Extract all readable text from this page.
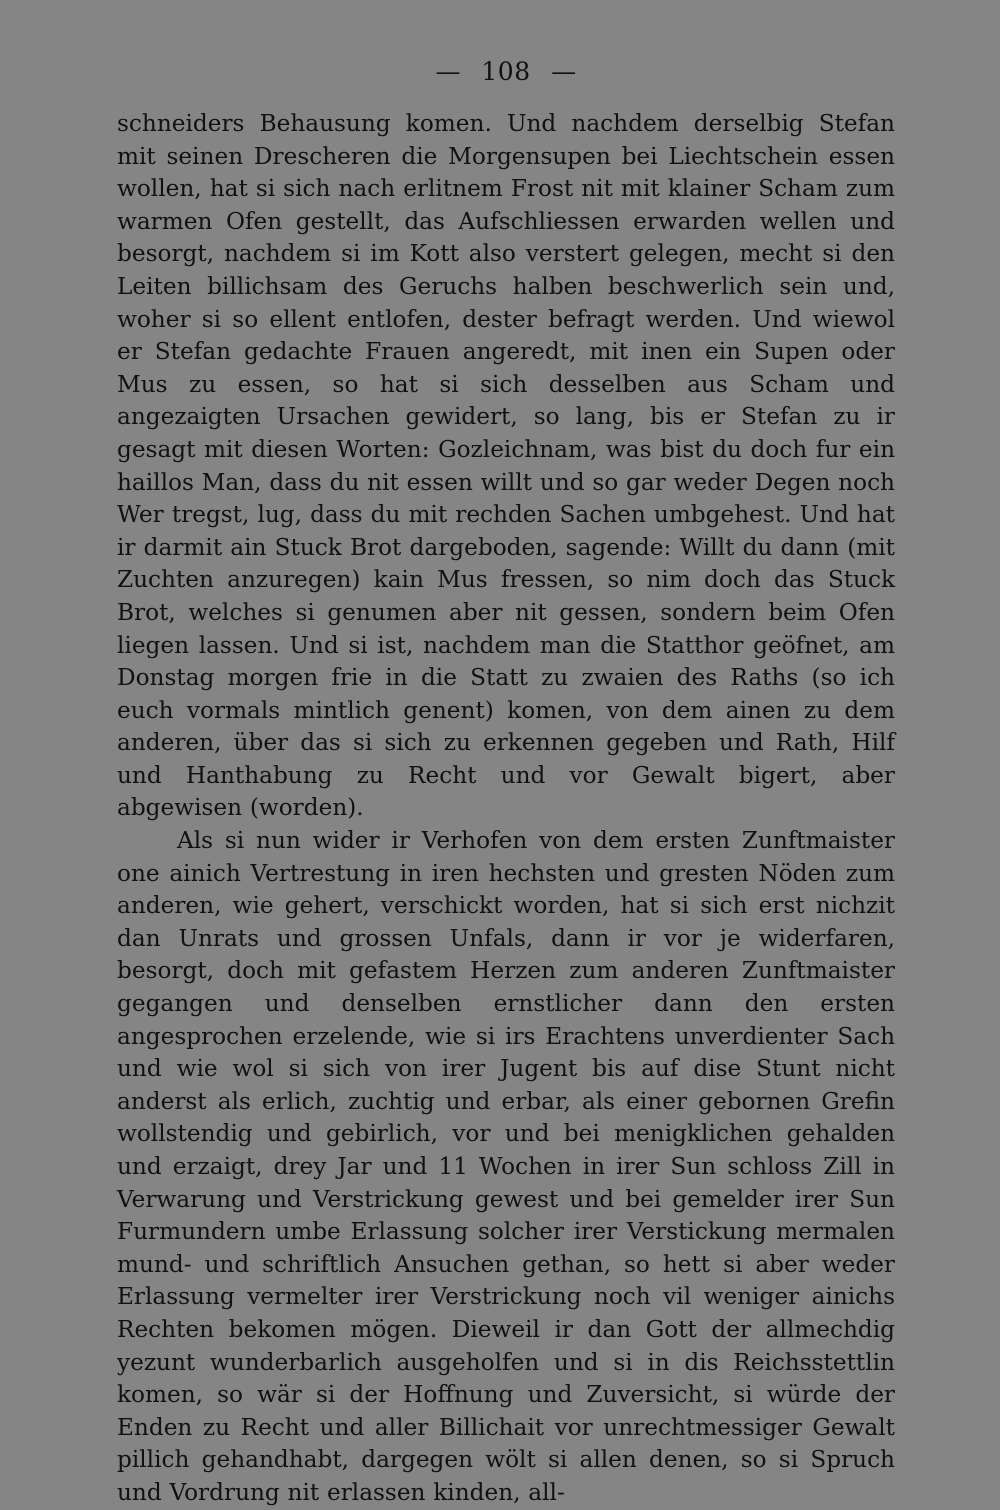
— 108 —

schneiders Behausung komen. Und nachdem derselbig Stefan mit seinen Drescheren die Morgensupen bei Liechtschein essen wollen, hat si sich nach erlitnem Frost nit mit klainer Scham zum warmen Ofen gestellt, das Aufschliessen erwarden wellen und besorgt, nachdem si im Kott also verstert gelegen, mecht si den Leiten billichsam des Geruchs halben beschwerlich sein und, woher si so ellent entlofen, dester befragt werden. Und wiewol er Stefan gedachte Frauen angeredt, mit inen ein Supen oder Mus zu essen, so hat si sich desselben aus Scham und angezaigten Ursachen gewidert, so lang, bis er Stefan zu ir gesagt mit diesen Worten: Gozleichnam, was bist du doch fur ein haillos Man, dass du nit essen willt und so gar weder Degen noch Wer tregst, lug, dass du mit rechden Sachen umbgehest. Und hat ir darmit ain Stuck Brot dargeboden, sagende: Willt du dann (mit Zuchten anzuregen) kain Mus fressen, so nim doch das Stuck Brot, welches si genumen aber nit gessen, sondern beim Ofen liegen lassen. Und si ist, nachdem man die Statthor geöfnet, am Donstag morgen frie in die Statt zu zwaien des Raths (so ich euch vormals mintlich genent) komen, von dem ainen zu dem anderen, über das si sich zu erkennen gegeben und Rath, Hilf und Hanthabung zu Recht und vor Gewalt bigert, aber abgewisen (worden).

Als si nun wider ir Verhofen von dem ersten Zunftmaister one ainich Vertrestung in iren hechsten und gresten Nöden zum anderen, wie gehert, verschickt worden, hat si sich erst nichzit dan Unrats und grossen Unfals, dann ir vor je widerfaren, besorgt, doch mit gefastem Herzen zum anderen Zunftmaister gegangen und denselben ernstlicher dann den ersten angesprochen erzelende, wie si irs Erachtens unverdienter Sach und wie wol si sich von irer Jugent bis auf dise Stunt nicht anderst als erlich, zuchtig und erbar, als einer gebornen Grefin wollstendig und gebirlich, vor und bei menigklichen gehalden und erzaigt, drey Jar und 11 Wochen in irer Sun schloss Zill in Verwarung und Verstrickung gewest und bei gemelder irer Sun Furmundern umbe Erlassung solcher irer Verstickung mermalen mund- und schriftlich Ansuchen gethan, so hett si aber weder Erlassung vermelter irer Verstrickung noch vil weniger ainichs Rechten bekomen mögen. Dieweil ir dan Gott der allmechdig yezunt wunderbarlich ausgeholfen und si in dis Reichsstettlin komen, so wär si der Hoffnung und Zuversicht, si würde der Enden zu Recht und aller Billichait vor unrechtmessiger Gewalt pillich gehandhabt, dargegen wölt si allen denen, so si Spruch und Vordrung nit erlassen kinden, all-
